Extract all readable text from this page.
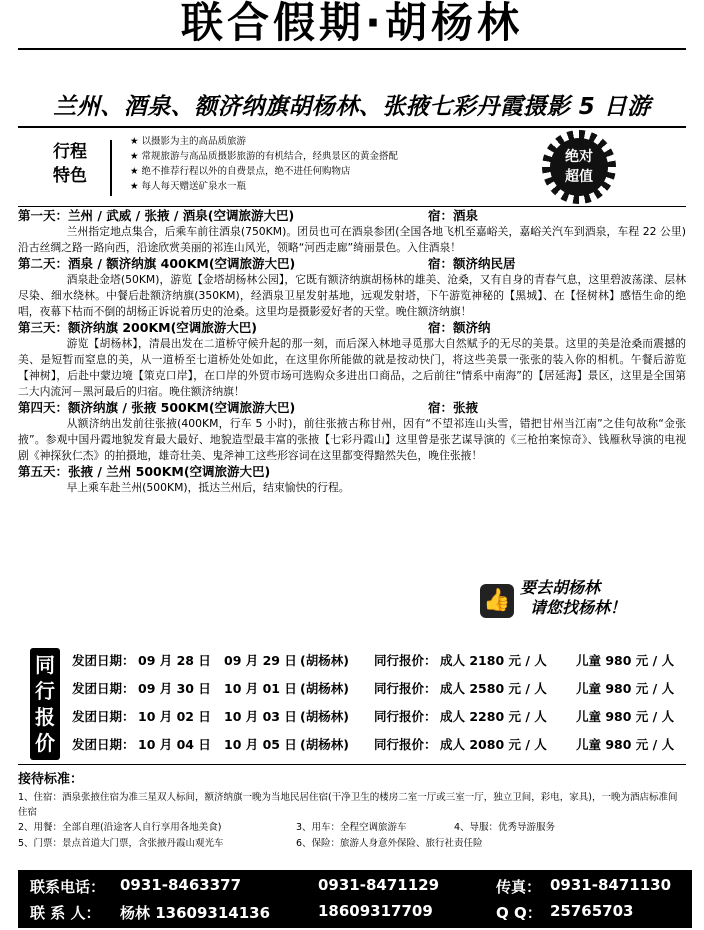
联合假期·胡杨林
兰州、酒泉、额济纳旗胡杨林、张掖七彩丹霞摄影 5 日游
行程
特色
★ 以摄影为主的高品质旅游
★ 常规旅游与高品质摄影旅游的有机结合，经典景区的黄金搭配
★ 绝不推荐行程以外的自费景点，绝不进任何购物店
★ 每人每天赠送矿泉水一瓶
绝对
超值
第一天：兰州 / 武威 / 张掖 / 酒泉(空调旅游大巴)	宿：酒泉
兰州指定地点集合，后乘车前往酒泉(750KM)。团员也可在酒泉参团(全国各地飞机至嘉峪关，嘉峪关汽车到酒泉，车程 22 公里)沿古丝绸之路一路向西，沿途欣赏美丽的祁连山风光，领略“河西走廊”绮丽景色。入住酒泉！
第二天：酒泉 / 额济纳旗 400KM(空调旅游大巴)	宿：额济纳民居
酒泉赴金塔(50KM)，游览【金塔胡杨林公园】，它既有额济纳旗胡杨林的雄美、沧桑，又有自身的青春气息，这里碧波荡漾、层林尽染、细水绕林。中餐后赴额济纳旗(350KM)，经酒泉卫星发射基地，远观发射塔，下午游览神秘的【黑城】、在【怪树林】感悟生命的绝唱，夜幕下枯而不倒的胡杨正诉说着历史的沧桑。这里均是摄影爱好者的天堂。晚住额济纳旗！
第三天：额济纳旗 200KM(空调旅游大巴)	宿：额济纳
游览【胡杨林】，清晨出发在二道桥守候升起的那一刻，而后深入林地寻觅那大自然赋予的无尽的美景。这里的美是沧桑而震撼的美、是短暂而窒息的美，从一道桥至七道桥处处如此，在这里你所能做的就是按动快门，将这些美景一张张的装入你的相机。午餐后游览【神树】，后赴中蒙边境【策克口岸】，在口岸的外贸市场可选购众多进出口商品，之后前往“情系中南海”的【居延海】景区，这里是全国第二大内流河－黑河最后的归宿。晚住额济纳旗！
第四天：额济纳旗 / 张掖 500KM(空调旅游大巴)	宿：张掖
从额济纳出发前往张掖(400KM，行车 5 小时)，前往张掖古称甘州，因有“不望祁连山头雪，错把甘州当江南”之佳句故称“金张掖”。参观中国丹霞地貌发育最大最好、地貌造型最丰富的张掖【七彩丹霞山】这里曾是张艺谋导演的《三枪拍案惊奇》、钱雁秋导演的电视剧《神探狄仁杰》的拍摄地，雄奇壮美、鬼斧神工这些形容词在这里都变得黯然失色，晚住张掖！
第五天：张掖 / 兰州 500KM(空调旅游大巴)
早上乘车赴兰州(500KM)，抵达兰州后，结束愉快的行程。
👍
要去胡杨林
请您找杨林！
同
行
报
价
发团日期： 09 月 28 日 09 月 29 日 (胡杨林) 同行报价： 成人 2180 元 / 人 儿童 980 元 / 人
发团日期： 09 月 30 日 10 月 01 日 (胡杨林) 同行报价： 成人 2580 元 / 人 儿童 980 元 / 人
发团日期： 10 月 02 日 10 月 03 日 (胡杨林) 同行报价： 成人 2280 元 / 人 儿童 980 元 / 人
发团日期： 10 月 04 日 10 月 05 日 (胡杨林) 同行报价： 成人 2080 元 / 人 儿童 980 元 / 人
接待标准：
1、住宿：酒泉张掖住宿为准三星双人标间，额济纳旗一晚为当地民居住宿(干净卫生的楼房二室一厅或三室一厅，独立卫间，彩电，家具)，一晚为酒店标准间住宿
2、用餐：全部自理(沿途客人自行享用各地美食)	3、用车：全程空调旅游车	4、导服：优秀导游服务
5、门票：景点首道大门票，含张掖丹霞山观光车	6、保险：旅游人身意外保险、旅行社责任险
联系电话： 0931-8463377	0931-8471129	传真： 0931-8471130
联 系 人： 杨林 13609314136	18609317709	Q Q： 25765703
